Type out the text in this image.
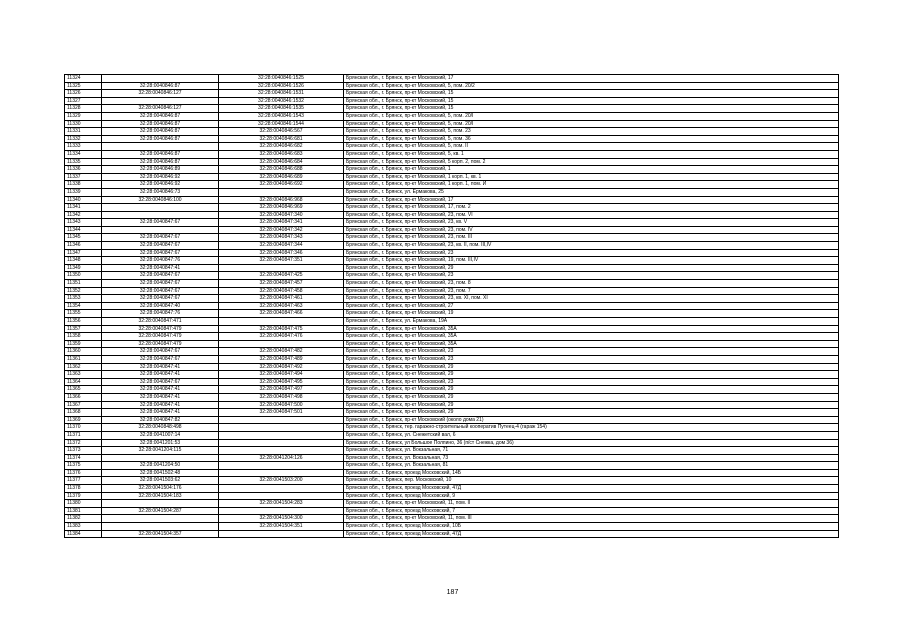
11324		32:28:0040846:1525	Брянская обл., г. Брянск, пр-кт Московский, 17
11325	32:28:0040846:87	32:28:0040846:1526	Брянская обл., г. Брянск, пр-кт Московский, 5, пом. 20/2
11326	32:28:0040846:127	32:28:0040846:1531	Брянская обл., г. Брянск, пр-кт Московский, 15
11327		32:28:0040846:1532	Брянская обл., г. Брянск, пр-кт Московский, 15
11328	32:28:0040846:127	32:28:0040846:1535	Брянская обл., г. Брянск, пр-кт Московский, 15
11329	32:28:0040846:87	32:28:0040846:1543	Брянская обл., г. Брянск, пр-кт Московский, 5, пом. 20/I
11330	32:28:0040846:87	32:28:0040846:1544	Брянская обл., г. Брянск, пр-кт Московский, 5, пом. 20/I
11331	32:28:0040846:87	32:28:0040846:567	Брянская обл., г. Брянск, пр-кт Московский, 5, пом. 23
11332	32:28:0040846:87	32:28:0040846:681	Брянская обл., г. Брянск, пр-кт Московский, 5, пом. 36
11333		32:28:0040846:682	Брянская обл., г. Брянск, пр-кт Московский, 5, пом. II
11334	32:28:0040846:87	32:28:0040846:683	Брянская обл., г. Брянск, пр-кт Московский, 5, кв. 1
11335	32:28:0040846:87	32:28:0040846:684	Брянская обл., г. Брянск, пр-кт Московский, 5 корп. 2, пом. 2
11336	32:28:0040846:89	32:28:0040846:688	Брянская обл., г. Брянск, пр-кт Московский, 1
11337	32:28:0040846:92	32:28:0040846:689	Брянская обл., г. Брянск, пр-кт Московский, 1 корп. 1, кв. 1
11338	32:28:0040846:92	32:28:0040846:692	Брянская обл., г. Брянск, пр-кт Московский, 1 корп. 1, пом. И
11339	32:28:0040846:73		Брянская обл., г. Брянск, ул. Ермакова, 25
11340	32:28:0040846:100	32:28:0040846:968	Брянская обл., г. Брянск, пр-кт Московский, 17
11341		32:28:0040846:969	Брянская обл., г. Брянск, пр-кт Московский, 17, пом. 2
11342		32:28:0040847:340	Брянская обл., г. Брянск, пр-кт Московский, 23, пом. VI
11343	32:28:0040847:67	32:28:0040847:341	Брянская обл., г. Брянск, пр-кт Московский, 23, кв. V
11344		32:28:0040847:342	Брянская обл., г. Брянск, пр-кт Московский, 23, пом. IV
11345	32:28:0040847:67	32:28:0040847:343	Брянская обл., г. Брянск, пр-кт Московский, 23, пом. III
11346	32:28:0040847:67	32:28:0040847:344	Брянская обл., г. Брянск, пр-кт Московский, 23, кв. II, пом. III,IV
11347	32:28:0040847:67	32:28:0040847:346	Брянская обл., г. Брянск, пр-кт Московский, 23
11348	32:28:0040847:76	32:28:0040847:351	Брянская обл., г. Брянск, пр-кт Московский, 19, пом. III,IV
11349	32:28:0040847:41		Брянская обл., г. Брянск, пр-кт Московский, 29
11350	32:28:0040847:67	32:28:0040847:425	Брянская обл., г. Брянск, пр-кт Московский, 23
11351	32:28:0040847:67	32:28:0040847:457	Брянская обл., г. Брянск, пр-кт Московский, 23, пом. 8
11352	32:28:0040847:67	32:28:0040847:458	Брянская обл., г. Брянск, пр-кт Московский, 23, пом. 7
11353	32:28:0040847:67	32:28:0040847:461	Брянская обл., г. Брянск, пр-кт Московский, 23, кв. XI, пом. XI
11354	32:28:0040847:40	32:28:0040847:463	Брянская обл., г. Брянск, пр-кт Московский, 27
11355	32:28:0040847:76	32:28:0040847:466	Брянская обл., г. Брянск, пр-кт Московский, 19
11356	32:28:0040847:471		Брянская обл., г. Брянск, ул. Ермакова, 19А
11357	32:28:0040847:479	32:28:0040847:475	Брянская обл., г. Брянск, пр-кт Московский, 35А
11358	32:28:0040847:479	32:28:0040847:476	Брянская обл., г. Брянск, пр-кт Московский, 35А
11359	32:28:0040847:479		Брянская обл., г. Брянск, пр-кт Московский, 35А
11360	32:28:0040847:67	32:28:0040847:482	Брянская обл., г. Брянск, пр-кт Московский, 23
11361	32:28:0040847:67	32:28:0040847:489	Брянская обл., г. Брянск, пр-кт Московский, 23
11362	32:28:0040847:41	32:28:0040847:492	Брянская обл., г. Брянск, пр-кт Московский, 29
11363	32:28:0040847:41	32:28:0040847:494	Брянская обл., г. Брянск, пр-кт Московский, 29
11364	32:28:0040847:67	32:28:0040847:495	Брянская обл., г. Брянск, пр-кт Московский, 23
11365	32:28:0040847:41	32:28:0040847:497	Брянская обл., г. Брянск, пр-кт Московский, 29
11366	32:28:0040847:41	32:28:0040847:498	Брянская обл., г. Брянск, пр-кт Московский, 29
11367	32:28:0040847:41	32:28:0040847:500	Брянская обл., г. Брянск, пр-кт Московский, 29
11368	32:28:0040847:41	32:28:0040847:501	Брянская обл., г. Брянск, пр-кт Московский, 29
11369	32:28:0040847:82		Брянская обл., г. Брянск, пр-кт Московский (около дома 21)
11370	32:28:0040848:498		Брянская обл., г. Брянск, тер. гаражно-строительный кооператив Путеец-4 (гараж 154)
11371	32:28:0041007:14		Брянская обл., г. Брянск, ул. Снежетский вал, 6
11372	32:28:0041201:53		Брянская обл., г. Брянск, ул Большое Полпино, 36 (п/ст Снежка, дом 36)
11373	32:28:0041204:115		Брянская обл., г. Брянск, ул. Вокзальная, 71
11374		32:28:0041204:126	Брянская обл., г. Брянск, ул. Вокзальная, 73
11375	32:28:0041204:50		Брянская обл., г. Брянск, ул. Вокзальная, 81
11376	32:28:0041502:48		Брянская обл., г. Брянск, проезд Московский, 14Б
11377	32:28:0041503:62	32:28:0041503:200	Брянская обл., г. Брянск, пер. Московский, 10
11378	32:28:0041504:176		Брянская обл., г. Брянск, проезд Московский, 47Д
11379	32:28:0041504:183		Брянская обл., г. Брянск, проезд Московский, 9
11380		32:28:0041504:283	Брянская обл., г. Брянск, пр-кт Московский, 11, пом. II
11381	32:28:0041504:287		Брянская обл., г. Брянск, проезд Московский, 7
11382		32:28:0041504:300	Брянская обл., г. Брянск, пр-кт Московский, 11, пом. III
11383		32:28:0041504:351	Брянская обл., г. Брянск, проезд Московский, 10Б
11384	32:28:0041504:357		Брянская обл., г. Брянск, проезд Московский, 47Д
187
